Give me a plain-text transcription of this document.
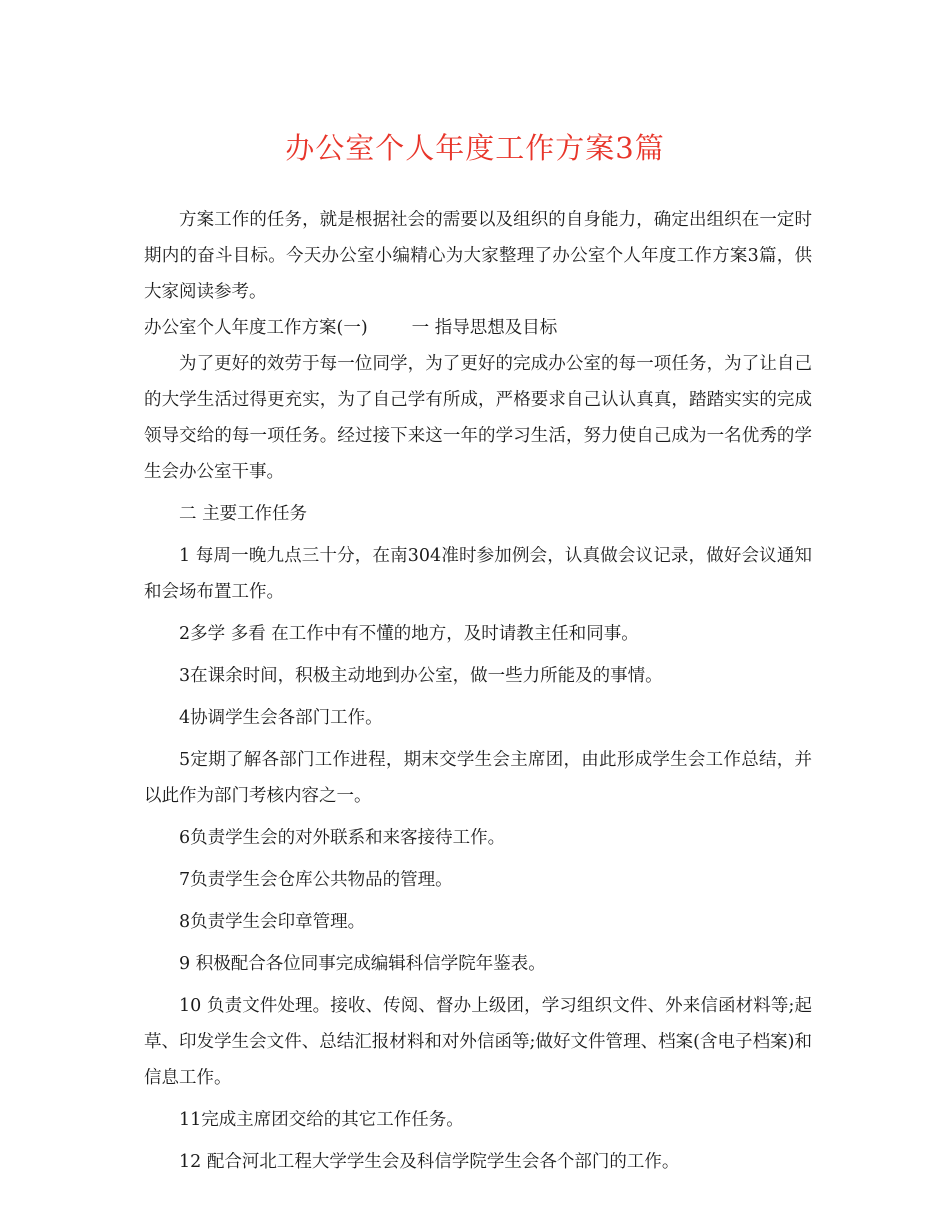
办公室个人年度工作方案3篇

方案工作的任务，就是根据社会的需要以及组织的自身能力，确定出组织在一定时期内的奋斗目标。今天办公室小编精心为大家整理了办公室个人年度工作方案3篇，供大家阅读参考。

办公室个人年度工作方案(一)	一 指导思想及目标

为了更好的效劳于每一位同学，为了更好的完成办公室的每一项任务，为了让自己的大学生活过得更充实，为了自己学有所成，严格要求自己认认真真，踏踏实实的完成领导交给的每一项任务。经过接下来这一年的学习生活，努力使自己成为一名优秀的学生会办公室干事。

二 主要工作任务

1 每周一晚九点三十分，在南304准时参加例会，认真做会议记录，做好会议通知和会场布置工作。

2多学 多看 在工作中有不懂的地方，及时请教主任和同事。

3在课余时间，积极主动地到办公室，做一些力所能及的事情。

4协调学生会各部门工作。

5定期了解各部门工作进程，期末交学生会主席团，由此形成学生会工作总结，并以此作为部门考核内容之一。

6负责学生会的对外联系和来客接待工作。

7负责学生会仓库公共物品的管理。

8负责学生会印章管理。

9 积极配合各位同事完成编辑科信学院年鉴表。

10 负责文件处理。接收、传阅、督办上级团，学习组织文件、外来信函材料等;起草、印发学生会文件、总结汇报材料和对外信函等;做好文件管理、档案(含电子档案)和信息工作。

11完成主席团交给的其它工作任务。

12 配合河北工程大学学生会及科信学院学生会各个部门的工作。
